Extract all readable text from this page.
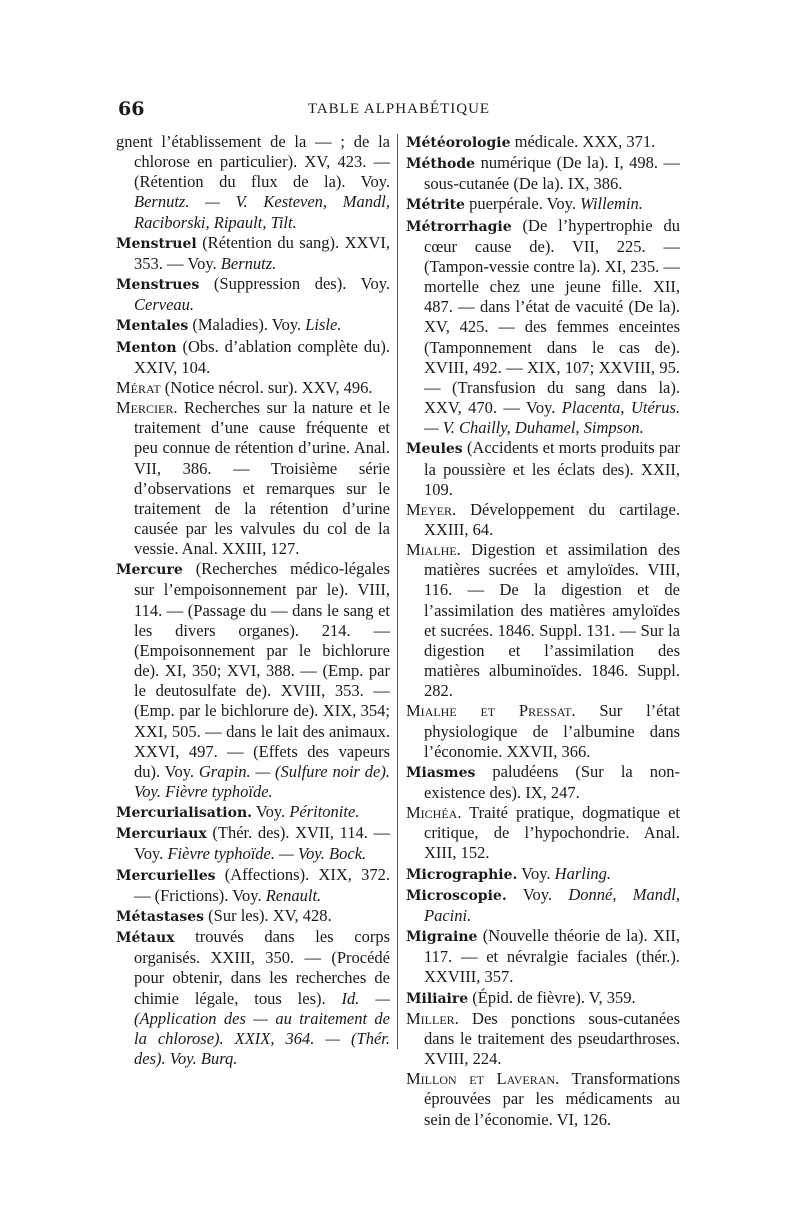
66	TABLE ALPHABÉTIQUE

gnent l’établissement de la — ; de la chlorose en particulier). XV, 423. — (Rétention du flux de la). Voy. Bernutz. — V. Kesteven, Mandl, Raciborski, Ripault, Tilt.

Menstruel (Rétention du sang). XXVI, 353. — Voy. Bernutz.

Menstrues (Suppression des). Voy. Cerveau.

Mentales (Maladies). Voy. Lisle.

Menton (Obs. d’ablation complète du). XXIV, 104.

Mérat (Notice nécrol. sur). XXV, 496.

Mercier. Recherches sur la nature et le traitement d’une cause fréquente et peu connue de rétention d’urine. Anal. VII, 386. — Troisième série d’observations et remarques sur le traitement de la rétention d’urine causée par les valvules du col de la vessie. Anal. XXIII, 127.

Mercure (Recherches médico-légales sur l’empoisonnement par le). VIII, 114. — (Passage du — dans le sang et les divers organes). 214. — (Empoisonnement par le bichlorure de). XI, 350; XVI, 388. — (Emp. par le deutosulfate de). XVIII, 353. — (Emp. par le bichlorure de). XIX, 354; XXI, 505. — dans le lait des animaux. XXVI, 497. — (Effets des vapeurs du). Voy. Grapin. — (Sulfure noir de). Voy. Fièvre typhoïde.

Mercurialisation. Voy. Péritonite.

Mercuriaux (Thér. des). XVII, 114. — Voy. Fièvre typhoïde. — Voy. Bock.

Mercurielles (Affections). XIX, 372. — (Frictions). Voy. Renault.

Métastases (Sur les). XV, 428.

Métaux trouvés dans les corps organisés. XXIII, 350. — (Procédé pour obtenir, dans les recherches de chimie légale, tous les). Id. — (Application des — au traitement de la chlorose). XXIX, 364. — (Thér. des). Voy. Burq.

Météorologie médicale. XXX, 371.

Méthode numérique (De la). I, 498. — sous-cutanée (De la). IX, 386.

Métrite puerpérale. Voy. Willemin.

Métrorrhagie (De l’hypertrophie du cœur cause de). VII, 225. — (Tampon-vessie contre la). XI, 235. — mortelle chez une jeune fille. XII, 487. — dans l’état de vacuité (De la). XV, 425. — des femmes enceintes (Tamponnement dans le cas de). XVIII, 492. — XIX, 107; XXVIII, 95. — (Transfusion du sang dans la). XXV, 470. — Voy. Placenta, Utérus. — V. Chailly, Duhamel, Simpson.

Meules (Accidents et morts produits par la poussière et les éclats des). XXII, 109.

Meyer. Développement du cartilage. XXIII, 64.

Mialhe. Digestion et assimilation des matières sucrées et amyloïdes. VIII, 116. — De la digestion et de l’assimilation des matières amyloïdes et sucrées. 1846. Suppl. 131. — Sur la digestion et l’assimilation des matières albuminoïdes. 1846. Suppl. 282.

Mialhe et Pressat. Sur l’état physiologique de l’albumine dans l’économie. XXVII, 366.

Miasmes paludéens (Sur la non-existence des). IX, 247.

Michéa. Traité pratique, dogmatique et critique, de l’hypochondrie. Anal. XIII, 152.

Micrographie. Voy. Harling.

Microscopie. Voy. Donné, Mandl, Pacini.

Migraine (Nouvelle théorie de la). XII, 117. — et névralgie faciales (thér.). XXVIII, 357.

Miliaire (Épid. de fièvre). V, 359.

Miller. Des ponctions sous-cutanées dans le traitement des pseudarthroses. XVIII, 224.

Millon et Laveran. Transformations éprouvées par les médicaments au sein de l’économie. VI, 126.
